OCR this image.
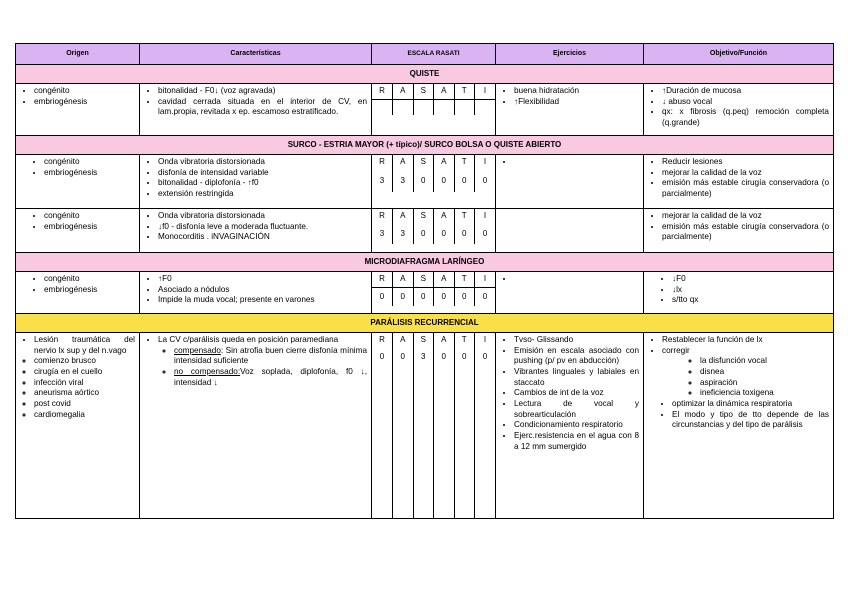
Origen	Características	ESCALA RASATI	Ejercicios	Objetivo/Función
QUISTE

• congénito
• embriogénesis

• bitonalidad - F0↓ (voz agravada)
• cavidad cerrada situada en el interior de CV, en lam.propia, revitada x ep. escamoso estratificado.

R	A	S	A	T	I

•	buena hidratación
• ↑Flexibilidad

• ↑Duración de mucosa
• ↓ abuso vocal
• qx: x fibrosis (q.peq) remoción completa (q.grande)

SURCO - ESTRIA MAYOR (+ típico)/ SURCO BOLSA O QUISTE ABIERTO

• congénito
• embriogénesis

• Onda vibratoria distorsionada
• disfonía de intensidad variable
• bitonalidad - diplofonía - ↑f0
• extensión restringida

R	A	S	A	T	I
3	3	0	0	0	0

•

• Reducir lesiones
• mejorar la calidad de la voz
• emisión más estable cirugía conservadora (o parcialmente)

• congénito
• embriogénesis

• Onda vibratoria distorsionada
• ↓f0 - disfonía leve a moderada fluctuante.
• Monocorditis . iNVAGINACIÓN

R	A	S	A	T	I
3	3	0	0	0	0

• mejorar la calidad de la voz
• emisión más estable cirugía conservadora (o parcialmente)

MICRODIAFRAGMA LARÍNGEO

• congénito
• embriogénesis

• ↑F0
• Asociado a nódulos
• Impide la muda vocal; presente en varones

R	A	S	A	T	I
0	0	0	0	0	0

•

• ↓F0
• ↓lx
• s/tto qx

PARÁLISIS RECURRENCIAL

• Lesión traumática del nervio lx sup y del n.vago
◦ comienzo brusco
◦ cirugía en el cuello
◦ infección viral
◦ aneurisma aórtico
◦ post covid
◦ cardiomegalia

• La CV c/parálisis queda en posición paramediana
◦ compensado: Sin atrofia buen cierre disfonía mínima intensidad suficiente
◦ no compensado:Voz soplada, diplofonía, f0 ↓, intensidad ↓

R	A	S	A	T	I
0	0	3	0	0	0

• Tvso- Glissando
• Emisión en escala asociado con pushing (p/ pv en abducción)
• Vibrantes linguales y labiales en staccato
• Cambios de int de la voz
• Lectura de vocal y sobrearticulación
• Condicionamiento respiratorio
• Ejerc.resistencia en el agua con 8 a 12 mm sumergido

• Restablecer la función de lx
• corregir
◦ la disfunción vocal
◦ disnea
◦ aspiración
◦ ineficiencia toxigena
• optimizar la dinámica respiratoria
• El modo y tipo de tto depende de las circunstancias y del tipo de parálisis
